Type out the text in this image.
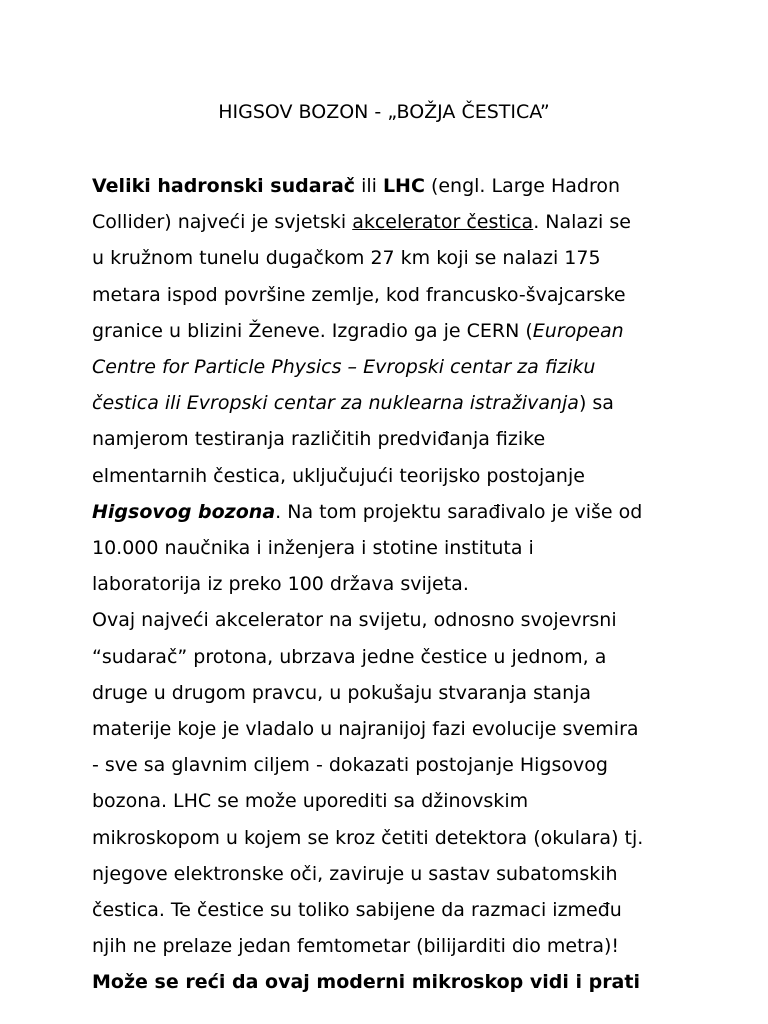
HIGSOV BOZON - „BOŽJA ČESTICA”
Veliki hadronski sudarač ili LHC (engl. Large Hadron
Collider) najveći je svjetski akcelerator čestica. Nalazi se
u kružnom tunelu dugačkom 27 km koji se nalazi 175
metara ispod površine zemlje, kod francusko-švajcarske
granice u blizini Ženeve. Izgradio ga je CERN (European
Centre for Particle Physics – Evropski centar za fiziku
čestica ili Evropski centar za nuklearna istraživanja) sa
namjerom testiranja različitih predviđanja fizike
elmentarnih čestica, uključujući teorijsko postojanje
Higsovog bozona. Na tom projektu sarađivalo je više od
10.000 naučnika i inženjera i stotine instituta i
laboratorija iz preko 100 država svijeta.
Ovaj najveći akcelerator na svijetu, odnosno svojevrsni
“sudarač” protona, ubrzava jedne čestice u jednom, a
druge u drugom pravcu, u pokušaju stvaranja stanja
materije koje je vladalo u najranijoj fazi evolucije svemira
- sve sa glavnim ciljem - dokazati postojanje Higsovog
bozona. LHC se može uporediti sa džinovskim
mikroskopom u kojem se kroz četiti detektora (okulara) tj.
njegove elektronske oči, zaviruje u sastav subatomskih
čestica. Te čestice su toliko sabijene da razmaci između
njih ne prelaze jedan femtometar (bilijarditi dio metra)!
Može se reći da ovaj moderni mikroskop vidi i prati
